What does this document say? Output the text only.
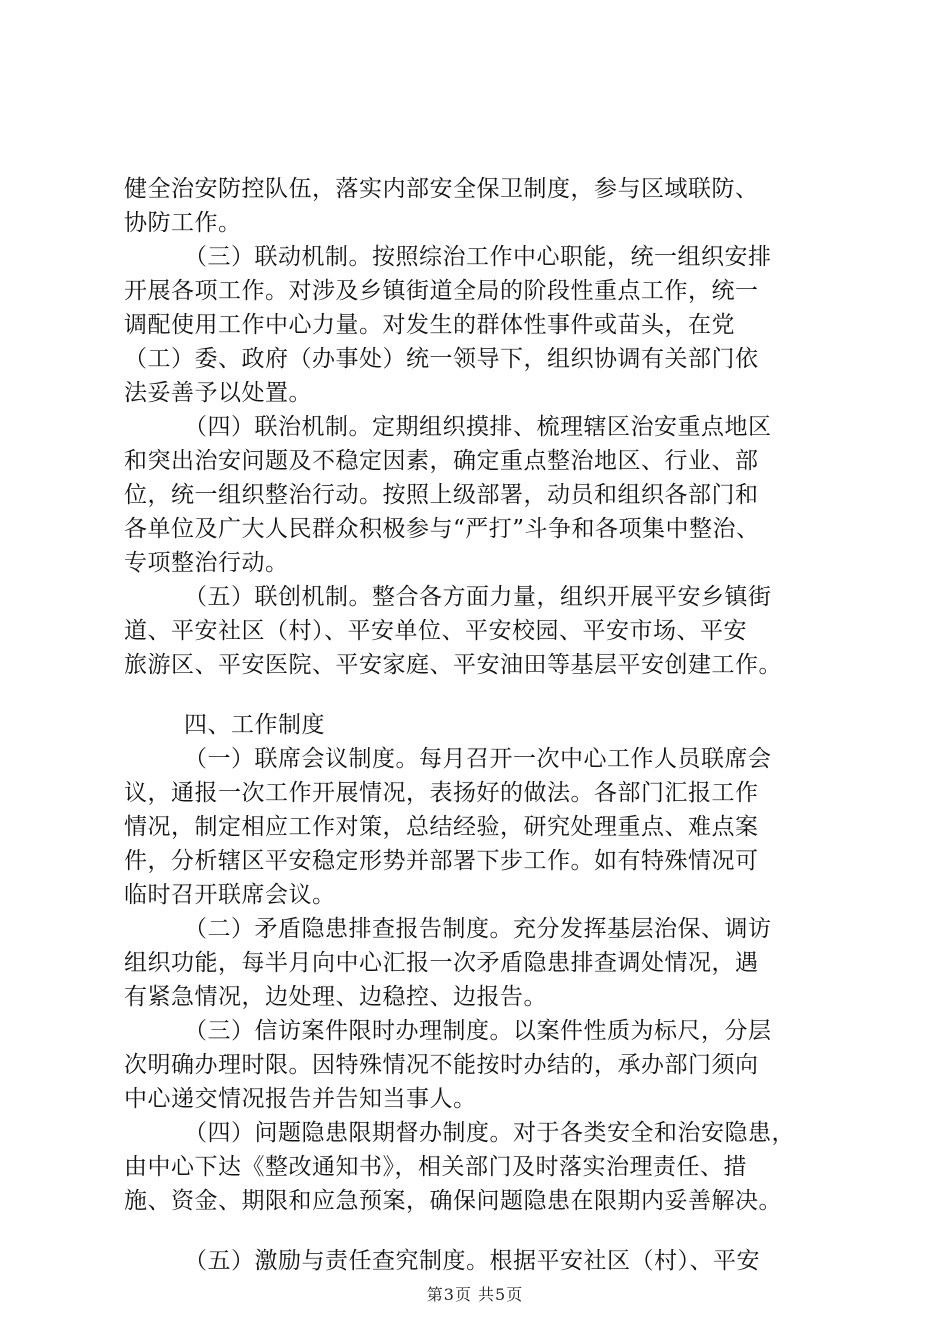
健全治安防控队伍，落实内部安全保卫制度，参与区域联防、
协防工作。
（三）联动机制。按照综治工作中心职能，统一组织安排
开展各项工作。对涉及乡镇街道全局的阶段性重点工作，统一
调配使用工作中心力量。对发生的群体性事件或苗头，在党
（工）委、政府（办事处）统一领导下，组织协调有关部门依
法妥善予以处置。
（四）联治机制。定期组织摸排、梳理辖区治安重点地区
和突出治安问题及不稳定因素，确定重点整治地区、行业、部
位，统一组织整治行动。按照上级部署，动员和组织各部门和
各单位及广大人民群众积极参与“严打”斗争和各项集中整治、
专项整治行动。
（五）联创机制。整合各方面力量，组织开展平安乡镇街
道、平安社区（村）、平安单位、平安校园、平安市场、平安
旅游区、平安医院、平安家庭、平安油田等基层平安创建工作。
四、工作制度
（一）联席会议制度。每月召开一次中心工作人员联席会
议，通报一次工作开展情况，表扬好的做法。各部门汇报工作
情况，制定相应工作对策，总结经验，研究处理重点、难点案
件，分析辖区平安稳定形势并部署下步工作。如有特殊情况可
临时召开联席会议。
（二）矛盾隐患排查报告制度。充分发挥基层治保、调访
组织功能，每半月向中心汇报一次矛盾隐患排查调处情况，遇
有紧急情况，边处理、边稳控、边报告。
（三）信访案件限时办理制度。以案件性质为标尺，分层
次明确办理时限。因特殊情况不能按时办结的，承办部门须向
中心递交情况报告并告知当事人。
（四）问题隐患限期督办制度。对于各类安全和治安隐患，
由中心下达《整改通知书》，相关部门及时落实治理责任、措
施、资金、期限和应急预案，确保问题隐患在限期内妥善解决。
（五）激励与责任查究制度。根据平安社区（村）、平安
第3页 共5页
